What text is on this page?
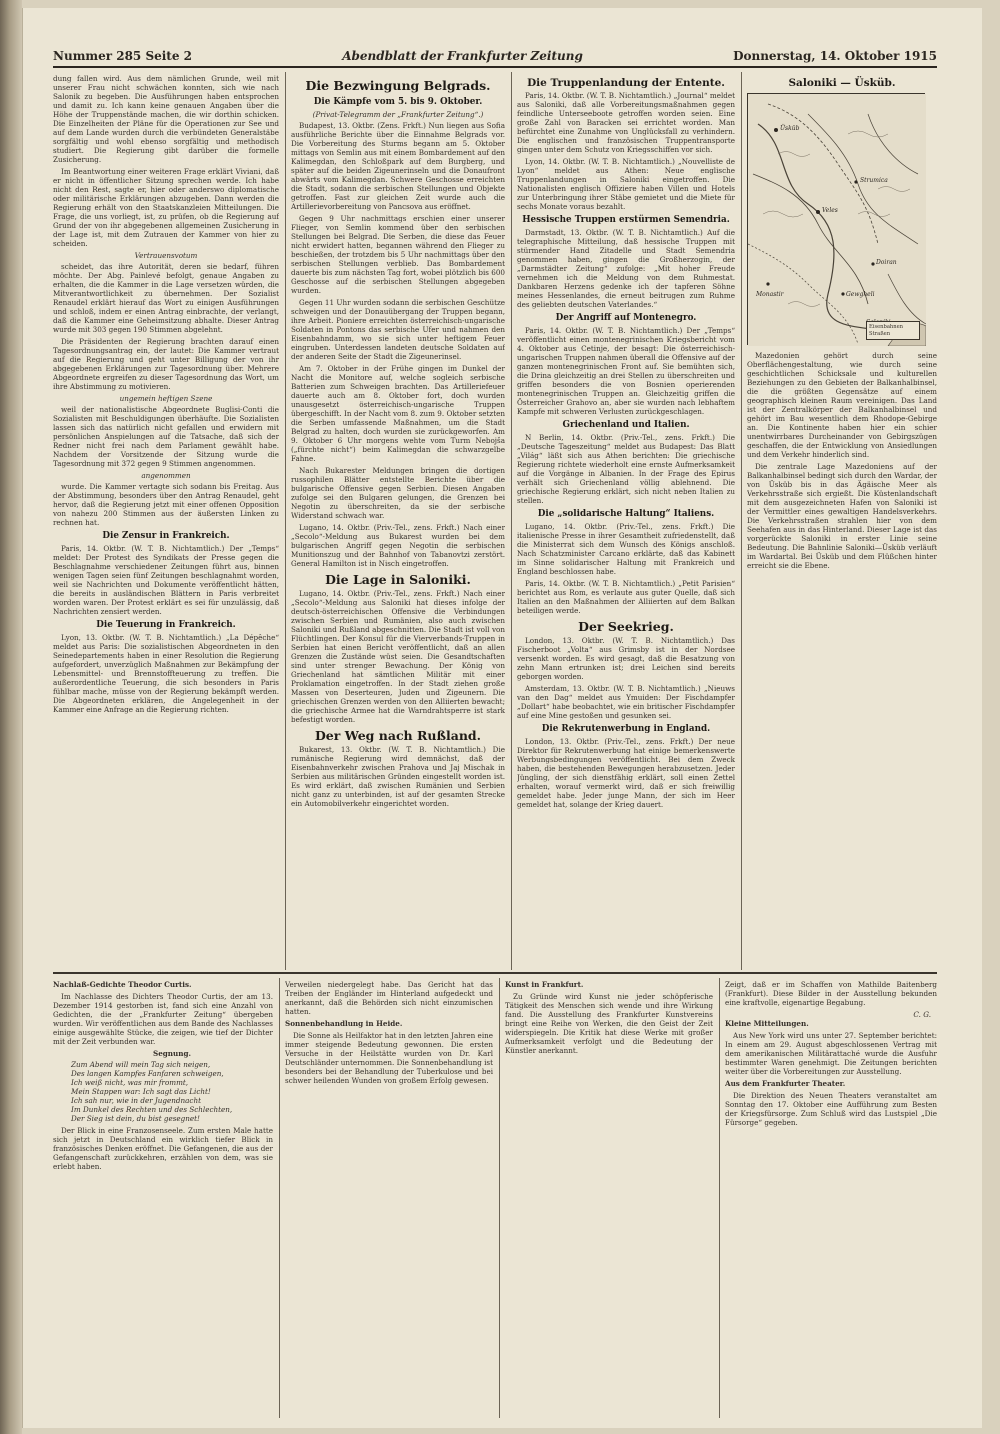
Nummer 285 Seite 2	Abendblatt der Frankfurter Zeitung	Donnerstag, 14. Oktober 1915
dung fallen wird. Aus dem nämlichen Grunde, weil mit unserer Frau nicht schwächen konnten, sich wie nach Salonik zu begeben. Die Ausführungen haben entsprochen und damit zu. Ich kann keine genauen Angaben über die Höhe der Truppenstände machen, die wir dorthin schicken. Die Einzelheiten der Pläne für die Operationen zur See und auf dem Lande wurden durch die verbündeten Generalstäbe sorgfältig und wohl ebenso sorgfältig und methodisch studiert. Die Regierung gibt darüber die formelle Zusicherung.
Im Beantwortung einer weiteren Frage erklärt Viviani, daß er nicht in öffentlicher Sitzung sprechen werde. Ich habe nicht den Rest, sagte er, hier oder anderswo diplomatische oder militärische Erklärungen abzugeben. Dann werden die Regierung erhält von den Staatskanzleien Mitteilungen. Die Frage, die uns vorliegt, ist, zu prüfen, ob die Regierung auf Grund der von ihr abgegebenen allgemeinen Zusicherung in der Lage ist, mit dem Zutrauen der Kammer von hier zu scheiden.
Vertrauensvotum
scheidet, das ihre Autorität, deren sie bedarf, führen möchte. Der Abg. Painlevé befolgt, genaue Angaben zu erhalten, die die Kammer in die Lage versetzen würden, die Mitverantwortlichkeit zu übernehmen. Der Sozialist Renaudel erklärt hierauf das Wort zu einigen Ausführungen und schloß, indem er einen Antrag einbrachte, der verlangt, daß die Kammer eine Geheimsitzung abhalte. Dieser Antrag wurde mit 303 gegen 190 Stimmen abgelehnt.
Die Präsidenten der Regierung brachten darauf einen Tagesordnungsantrag ein, der lautet: Die Kammer vertraut auf die Regierung und geht unter Billigung der von ihr abgegebenen Erklärungen zur Tagesordnung über. Mehrere Abgeordnete ergreifen zu dieser Tagesordnung das Wort, um ihre Abstimmung zu motivieren.
ungemein heftigen Szene
weil der nationalistische Abgeordnete Buglisi-Conti die Sozialisten mit Beschuldigungen überhäufte. Die Sozialisten lassen sich das natürlich nicht gefallen und erwidern mit persönlichen Anspielungen auf die Tatsache, daß sich der Redner nicht frei nach dem Parlament gewählt habe. Nachdem der Vorsitzende der Sitzung wurde die Tagesordnung mit 372 gegen 9 Stimmen angenommen.
angenommen
wurde. Die Kammer vertagte sich sodann bis Freitag. Aus der Abstimmung, besonders über den Antrag Renaudel, geht hervor, daß die Regierung jetzt mit einer offenen Opposition von nahezu 200 Stimmen aus der äußersten Linken zu rechnen hat.
Die Zensur in Frankreich.
Paris, 14. Oktbr. (W. T. B. Nichtamtlich.) Der „Temps“ meldet: Der Protest des Syndikats der Presse gegen die Beschlagnahme verschiedener Zeitungen führt aus, binnen wenigen Tagen seien fünf Zeitungen beschlagnahmt worden, weil sie Nachrichten und Dokumente veröffentlicht hätten, die bereits in ausländischen Blättern in Paris verbreitet worden waren. Der Protest erklärt es sei für unzulässig, daß Nachrichten zensiert werden.
Die Teuerung in Frankreich.
Lyon, 13. Oktbr. (W. T. B. Nichtamtlich.) „La Dépêche“ meldet aus Paris: Die sozialistischen Abgeordneten in den Seinedepartements haben in einer Resolution die Regierung aufgefordert, unverzüglich Maßnahmen zur Bekämpfung der Lebensmittel- und Brennstoffteuerung zu treffen. Die außerordentliche Teuerung, die sich besonders in Paris fühlbar mache, müsse von der Regierung bekämpft werden. Die Abgeordneten erklären, die Angelegenheit in der Kammer eine Anfrage an die Regierung richten.
Die Bezwingung Belgrads.
Die Kämpfe vom 5. bis 9. Oktober.
(Privat-Telegramm der „Frankfurter Zeitung“.)
Budapest, 13. Oktbr. (Zens. Frkft.) Nun liegen aus Sofia ausführliche Berichte über die Einnahme Belgrads vor. Die Vorbereitung des Sturms begann am 5. Oktober mittags von Semlin aus mit einem Bombardement auf den Kalimegdan, den Schloßpark auf dem Burgberg, und später auf die beiden Zigeunerinseln und die Donaufront abwärts vom Kalimegdan. Schwere Geschosse erreichten die Stadt, sodann die serbischen Stellungen und Objekte getroffen. Fast zur gleichen Zeit wurde auch die Artillerievorbereitung von Pancsova aus eröffnet.
Gegen 9 Uhr nachmittags erschien einer unserer Flieger, von Semlin kommend über den serbischen Stellungen bei Belgrad. Die Serben, die diese das Feuer nicht erwidert hatten, begannen während den Flieger zu beschießen, der trotzdem bis 5 Uhr nachmittags über den serbischen Stellungen verblieb. Das Bombardement dauerte bis zum nächsten Tag fort, wobei plötzlich bis 600 Geschosse auf die serbischen Stellungen abgegeben wurden.
Gegen 11 Uhr wurden sodann die serbischen Geschütze schweigen und der Donauübergang der Truppen begann, ihre Arbeit. Pioniere erreichten österreichisch-ungarische Soldaten in Pontons das serbische Ufer und nahmen den Eisenbahndamm, wo sie sich unter heftigem Feuer eingruben. Unterdessen landeten deutsche Soldaten auf der anderen Seite der Stadt die Zigeunerinsel.
Am 7. Oktober in der Frühe gingen im Dunkel der Nacht die Monitore auf, welche sogleich serbische Batterien zum Schweigen brachten. Das Artilleriefeuer dauerte auch am 8. Oktober fort, doch wurden unausgesetzt österreichisch-ungarische Truppen übergeschifft. In der Nacht vom 8. zum 9. Oktober setzten die Serben umfassende Maßnahmen, um die Stadt Belgrad zu halten, doch wurden sie zurückgeworfen. Am 9. Oktober 6 Uhr morgens wehte vom Turm Nebojša („fürchte nicht“) beim Kalimegdan die schwarzgelbe Fahne.
Nach Bukarester Meldungen bringen die dortigen russophilen Blätter entstellte Berichte über die bulgarische Offensive gegen Serbien. Diesen Angaben zufolge sei den Bulgaren gelungen, die Grenzen bei Negotin zu überschreiten, da sie der serbische Widerstand schwach war.
Lugano, 14. Oktbr. (Priv.-Tel., zens. Frkft.) Nach einer „Secolo“-Meldung aus Bukarest wurden bei dem bulgarischen Angriff gegen Negotin die serbischen Munitionszug und der Bahnhof von Tabanovtzi zerstört. General Hamilton ist in Nisch eingetroffen.
Die Lage in Saloniki.
Lugano, 14. Oktbr. (Priv.-Tel., zens. Frkft.) Nach einer „Secolo“-Meldung aus Saloniki hat dieses infolge der deutsch-österreichischen Offensive die Verbindungen zwischen Serbien und Rumänien, also auch zwischen Saloniki und Rußland abgeschnitten. Die Stadt ist voll von Flüchtlingen. Der Konsul für die Vierverbands-Truppen in Serbien hat einen Bericht veröffentlicht, daß an allen Grenzen die Zustände wüst seien. Die Gesandtschaften sind unter strenger Bewachung. Der König von Griechenland hat sämtlichen Militär mit einer Proklamation eingetroffen. In der Stadt ziehen große Massen von Deserteuren, Juden und Zigeunern. Die griechischen Grenzen werden von den Alliierten bewacht; die griechische Armee hat die Warndrahtsperre ist stark befestigt worden.
Der Weg nach Rußland.
Bukarest, 13. Oktbr. (W. T. B. Nichtamtlich.) Die rumänische Regierung wird demnächst, daß der Eisenbahnverkehr zwischen Prahova und Jaj Mischak in Serbien aus militärischen Gründen eingestellt worden ist. Es wird erklärt, daß zwischen Rumänien und Serbien nicht ganz zu unterbinden, ist auf der gesamten Strecke ein Automobilverkehr eingerichtet worden.
Die Truppenlandung der Entente.
Paris, 14. Oktbr. (W. T. B. Nichtamtlich.) „Journal“ meldet aus Saloniki, daß alle Vorbereitungsmaßnahmen gegen feindliche Unterseeboote getroffen worden seien. Eine große Zahl von Baracken sei errichtet worden. Man befürchtet eine Zunahme von Unglücksfall zu verhindern. Die englischen und französischen Truppentransporte gingen unter dem Schutz von Kriegsschiffen vor sich.
Lyon, 14. Oktbr. (W. T. B. Nichtamtlich.) „Nouvelliste de Lyon“ meldet aus Athen: Neue englische Truppenlandungen in Saloniki eingetroffen. Die Nationalisten englisch Offiziere haben Villen und Hotels zur Unterbringung ihrer Stäbe gemietet und die Miete für sechs Monate voraus bezahlt.
Hessische Truppen erstürmen Semendria.
Darmstadt, 13. Oktbr. (W. T. B. Nichtamtlich.) Auf die telegraphische Mitteilung, daß hessische Truppen mit stürmender Hand Zitadelle und Stadt Semendria genommen haben, gingen die Großherzogin, der „Darmstädter Zeitung“ zufolge: „Mit hoher Freude vernehmen ich die Meldung von dem Ruhmestat. Dankbaren Herzens gedenke ich der tapferen Söhne meines Hessenlandes, die erneut beitrugen zum Ruhme des geliebten deutschen Vaterlandes.“
Der Angriff auf Montenegro.
Paris, 14. Oktbr. (W. T. B. Nichtamtlich.) Der „Temps“ veröffentlicht einen montenegrinischen Kriegsbericht vom 4. Oktober aus Cetinje, der besagt: Die österreichisch-ungarischen Truppen nahmen überall die Offensive auf der ganzen montenegrinischen Front auf. Sie bemühten sich, die Drina gleichzeitig an drei Stellen zu überschreiten und griffen besonders die von Bosnien operierenden montenegrinischen Truppen an. Gleichzeitig griffen die Österreicher Grahovo an, aber sie wurden nach lebhaftem Kampfe mit schweren Verlusten zurückgeschlagen.
Griechenland und Italien.
N Berlin, 14. Oktbr. (Priv.-Tel., zens. Frkft.) Die „Deutsche Tageszeitung“ meldet aus Budapest: Das Blatt „Világ“ läßt sich aus Athen berichten: Die griechische Regierung richtete wiederholt eine ernste Aufmerksamkeit auf die Vorgänge in Albanien. In der Frage des Epirus verhält sich Griechenland völlig ablehnend. Die griechische Regierung erklärt, sich nicht neben Italien zu stellen.
Die „solidarische Haltung“ Italiens.
Lugano, 14. Oktbr. (Priv.-Tel., zens. Frkft.) Die italienische Presse in ihrer Gesamtheit zufriedenstellt, daß die Ministerrat sich dem Wunsch des Königs anschloß. Nach Schatzminister Carcano erklärte, daß das Kabinett im Sinne solidarischer Haltung mit Frankreich und England beschlossen habe.
Paris, 14. Oktbr. (W. T. B. Nichtamtlich.) „Petit Parisien“ berichtet aus Rom, es verlaute aus guter Quelle, daß sich Italien an den Maßnahmen der Alliierten auf dem Balkan beteiligen werde.
Der Seekrieg.
London, 13. Oktbr. (W. T. B. Nichtamtlich.) Das Fischerboot „Volta“ aus Grimsby ist in der Nordsee versenkt worden. Es wird gesagt, daß die Besatzung von zehn Mann ertrunken ist; drei Leichen sind bereits geborgen worden.
Amsterdam, 13. Oktbr. (W. T. B. Nichtamtlich.) „Nieuws van den Dag“ meldet aus Ymuiden: Der Fischdampfer „Dollart“ habe beobachtet, wie ein britischer Fischdampfer auf eine Mine gestoßen und gesunken sei.
Die Rekrutenwerbung in England.
London, 13. Oktbr. (Priv.-Tel., zens. Frkft.) Der neue Direktor für Rekrutenwerbung hat einige bemerkenswerte Werbungsbedingungen veröffentlicht. Bei dem Zweck haben, die bestehenden Bewegungen herabzusetzen. Jeder Jüngling, der sich dienstfähig erklärt, soll einen Zettel erhalten, worauf vermerkt wird, daß er sich freiwillig gemeldet habe. Jeder junge Mann, der sich im Heer gemeldet hat, solange der Krieg dauert.
Saloniki — Üsküb.
Üsküb
Veles
Doiran
Strumica
Gewgheli
Monastir
Eisenbahnen
Straßen
Mazedonien gehört durch seine Oberflächengestaltung, wie durch seine geschichtlichen Schicksale und kulturellen Beziehungen zu den Gebieten der Balkanhalbinsel, die die größten Gegensätze auf einem geographisch kleinen Raum vereinigen. Das Land ist der Zentralkörper der Balkanhalbinsel und gehört im Bau wesentlich dem Rhodope-Gebirge an. Die Kontinente haben hier ein schier unentwirrbares Durcheinander von Gebirgszügen geschaffen, die der Entwicklung von Ansiedlungen und dem Verkehr hinderlich sind.
Die zentrale Lage Mazedoniens auf der Balkanhalbinsel bedingt sich durch den Wardar, der von Üsküb bis in das Ägäische Meer als Verkehrsstraße sich ergießt. Die Küstenlandschaft mit dem ausgezeichneten Hafen von Saloniki ist der Vermittler eines gewaltigen Handelsverkehrs. Die Verkehrsstraßen strahlen hier von dem Seehafen aus in das Hinterland. Dieser Lage ist das vorgerückte Saloniki in erster Linie seine Bedeutung. Die Bahnlinie Saloniki—Üsküb verläuft im Wardartal. Bei Üsküb und dem Flüßchen hinter erreicht sie die Ebene.
Nachlaß-Gedichte Theodor Curtis.
Im Nachlasse des Dichters Theodor Curtis, der am 13. Dezember 1914 gestorben ist, fand sich eine Anzahl von Gedichten, die der „Frankfurter Zeitung“ übergeben wurden. Wir veröffentlichen aus dem Bande des Nachlasses einige ausgewählte Stücke, die zeigen, wie tief der Dichter mit der Zeit verbunden war.
Segnung.
Zum Abend will mein Tag sich neigen,
Des langen Kampfes Fanfaren schweigen,
Ich weiß nicht, was mir frommt,
Mein Stappen war: Ich sagt das Licht!
Ich sah nur, wie in der Jugendnacht
Im Dunkel des Rechten und des Schlechten,
Der Sieg ist dein, du bist gesegnet!
Der Blick in eine Franzosenseele. Zum ersten Male hatte sich jetzt in Deutschland ein wirklich tiefer Blick in französisches Denken eröffnet. Die Gefangenen, die aus der Gefangenschaft zurückkehren, erzählen von dem, was sie erlebt haben.
Verweilen niedergelegt habe. Das Gericht hat das Treiben der Engländer im Hinterland aufgedeckt und anerkannt, daß die Behörden sich nicht einzumischen hatten.
Sonnenbehandlung in Heide.
Die Sonne als Heilfaktor hat in den letzten Jahren eine immer steigende Bedeutung gewonnen. Die ersten Versuche in der Heilstätte wurden von Dr. Karl Deutschländer unternommen. Die Sonnenbehandlung ist besonders bei der Behandlung der Tuberkulose und bei schwer heilenden Wunden von großem Erfolg gewesen.
Kunst in Frankfurt.
Zu Gründe wird Kunst nie jeder schöpferische Tätigkeit des Menschen sich wende und ihre Wirkung fand. Die Ausstellung des Frankfurter Kunstvereins bringt eine Reihe von Werken, die den Geist der Zeit widerspiegeln. Die Kritik hat diese Werke mit großer Aufmerksamkeit verfolgt und die Bedeutung der Künstler anerkannt.
Zeigt, daß er im Schaffen von Mathilde Baitenberg (Frankfurt). Diese Bilder in der Ausstellung bekunden eine kraftvolle, eigenartige Begabung.
C. G.
Kleine Mitteilungen.
Aus New York wird uns unter 27. September berichtet: In einem am 29. August abgeschlossenen Vertrag mit dem amerikanischen Militärattaché wurde die Ausfuhr bestimmter Waren genehmigt. Die Zeitungen berichten weiter über die Vorbereitungen zur Ausstellung.
Aus dem Frankfurter Theater.
Die Direktion des Neuen Theaters veranstaltet am Sonntag den 17. Oktober eine Aufführung zum Besten der Kriegsfürsorge. Zum Schluß wird das Lustspiel „Die Fürsorge“ gegeben.
